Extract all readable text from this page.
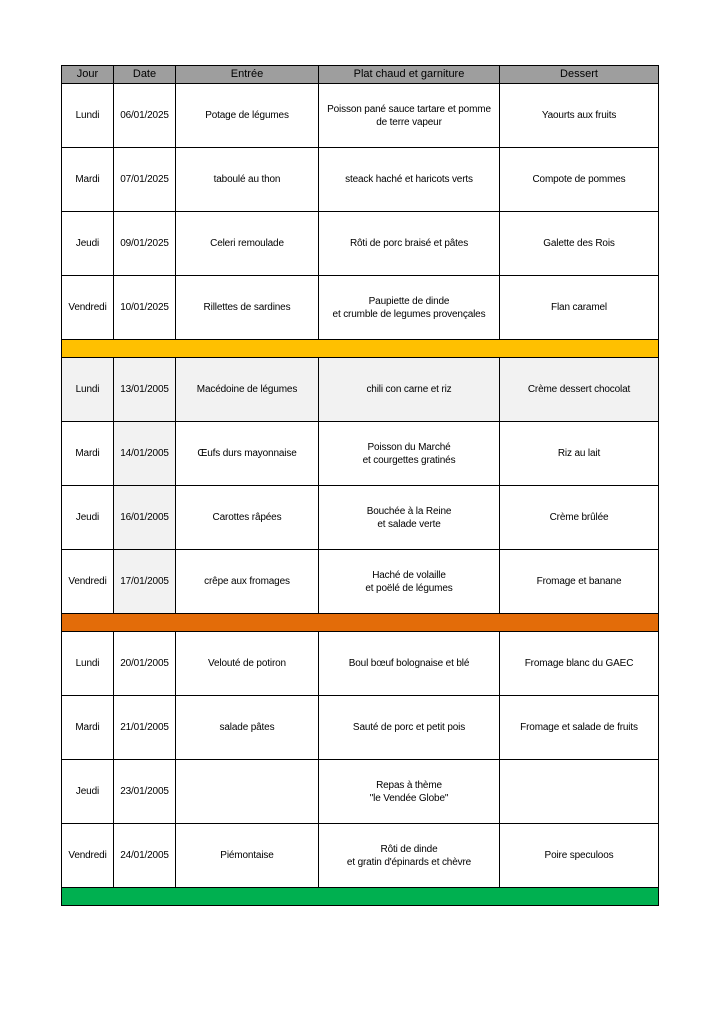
Jour	Date	Entrée	Plat chaud et garniture	Dessert
Lundi	06/01/2025	Potage de légumes	Poisson pané sauce tartare et pomme
de terre vapeur	Yaourts aux fruits
Mardi	07/01/2025	taboulé au thon	steack haché et haricots verts	Compote de pommes
Jeudi	09/01/2025	Celeri remoulade	Rôti de porc braisé et pâtes	Galette des Rois
Vendredi	10/01/2025	Rillettes de sardines	Paupiette de dinde
et crumble de legumes provençales	Flan caramel

Lundi	13/01/2005	Macédoine de légumes	chili con carne et riz	Crème dessert chocolat
Mardi	14/01/2005	Œufs durs mayonnaise	Poisson du Marché
et courgettes gratinés	Riz au lait
Jeudi	16/01/2005	Carottes râpées	Bouchée à la Reine
et salade verte	Crème brûlée
Vendredi	17/01/2005	crêpe aux fromages	Haché de volaille
et poëlé de légumes	Fromage et banane

Lundi	20/01/2005	Velouté de potiron	Boul bœuf bolognaise et blé	Fromage blanc du GAEC
Mardi	21/01/2005	salade pâtes	Sauté de porc et petit pois	Fromage et salade de fruits
Jeudi	23/01/2005		Repas à thème
"le Vendée Globe"	

Vendredi	24/01/2005	Piémontaise	Rôti de dinde
et gratin d'épinards et chèvre	Poire speculoos
